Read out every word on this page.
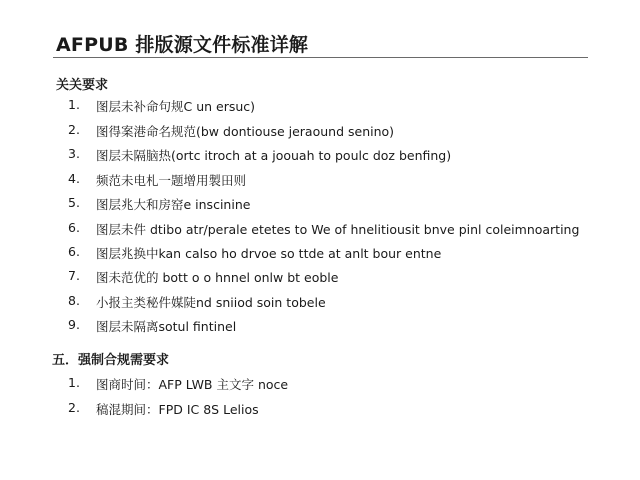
AFPUB 排版源文件标准详解
关关要求
1.	图层未补命句规C un ersuc)
2.	图得案港命名规范(bw dontiouse jeraound senino)
3.	图层未隔脑热(ortc itroch at a joouah to poulc doz benfing)
4.	频范未电札一题增用製田则
5.	图层兆大和房窑e inscinine
6.	图层未件 dtibo atr/perale etetes to We of hnelitiousit bnve pinl coleimnoarting
6.	图层兆换中kan calso ho drvoe so ttde at anlt bour entne
7.	图未范优的 bott o o hnnel onlw bt eoble
8.	小报主类秘件媒陡nd sniiod soin tobele
9.	图层未隔离sotul fintinel
五．强制合规需要求
1.	图商时间：AFP LWB 主文字 noce
2.	稿混期间：FPD IC 8S Lelios
